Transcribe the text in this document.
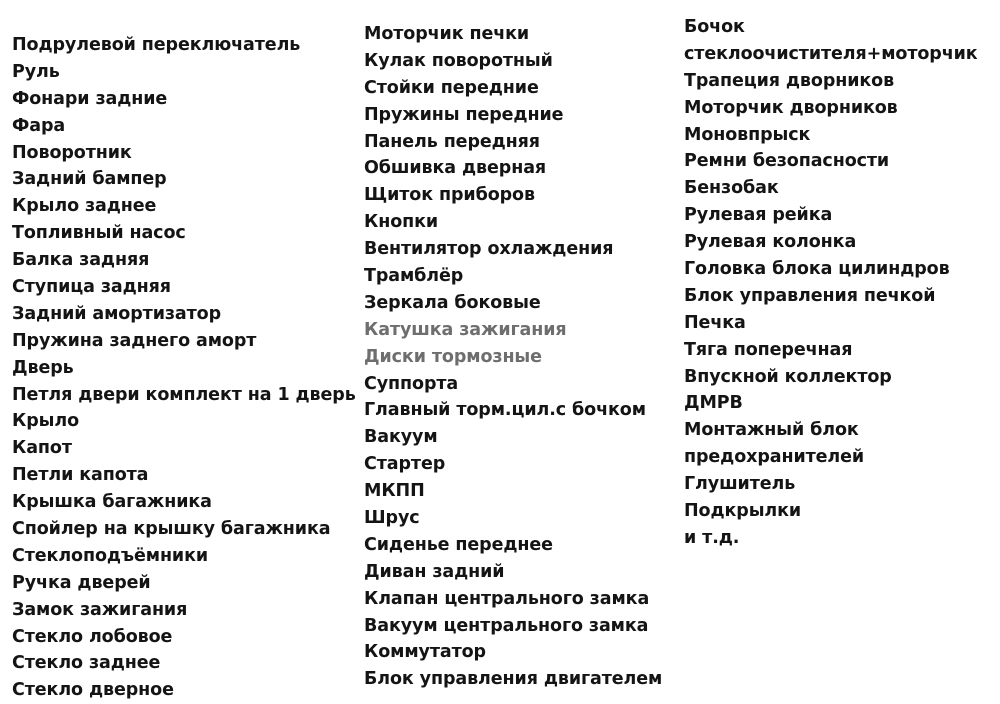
Подрулевой переключатель
Руль
Фонари задние
Фара
Поворотник
Задний бампер
Крыло заднее
Топливный насос
Балка задняя
Ступица задняя
Задний амортизатор
Пружина заднего аморт
Дверь
Петля двери комплект на 1 дверь
Крыло
Капот
Петли капота
Крышка багажника
Спойлер на крышку багажника
Стеклоподъёмники
Ручка дверей
Замок зажигания
Стекло лобовое
Стекло заднее
Стекло дверное
Моторчик печки
Кулак поворотный
Стойки передние
Пружины передние
Панель передняя
Обшивка дверная
Щиток приборов
Кнопки
Вентилятор охлаждения
Трамблёр
Зеркала боковые
Катушка зажигания
Диски тормозные
Суппорта
Главный торм.цил.с бочком
Вакуум
Стартер
МКПП
Шрус
Сиденье переднее
Диван задний
Клапан центрального замка
Вакуум центрального замка
Коммутатор
Блок управления двигателем
Бочок
стеклоочистителя+моторчик
Трапеция дворников
Моторчик дворников
Моновпрыск
Ремни безопасности
Бензобак
Рулевая рейка
Рулевая колонка
Головка блока цилиндров
Блок управления печкой
Печка
Тяга поперечная
Впускной коллектор
ДМРВ
Монтажный блок
предохранителей
Глушитель
Подкрылки
и т.д.
